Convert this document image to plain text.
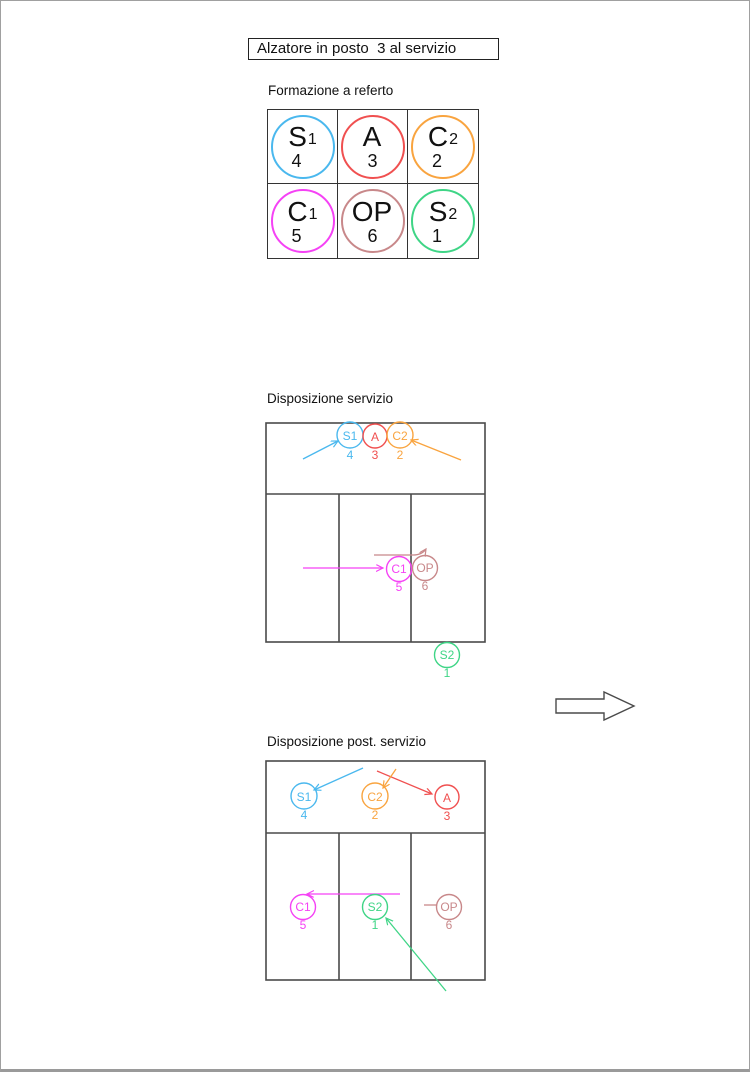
Alzatore in posto  3 al servizio
Formazione a referto
S 1
4
A
3
C 2
2
C 1
5
OP
6
S 2
1
Disposizione servizio
S1
4
A
3
C2
2
C1
5
OP
6
S2
1
Disposizione post. servizio
S1
4
C2
2
A
3
C1
5
S2
1
OP
6
